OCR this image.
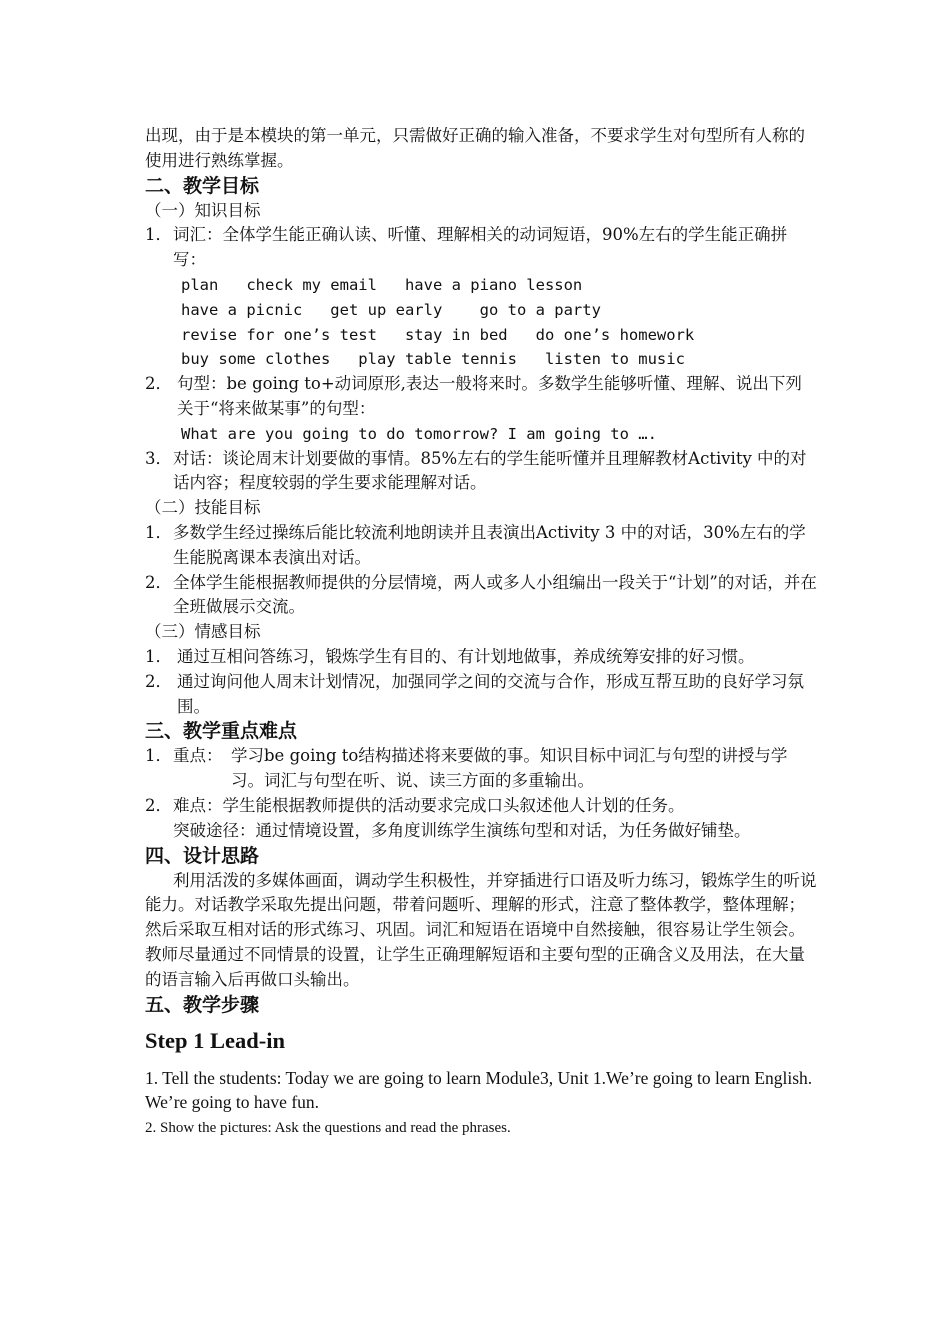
出现，由于是本模块的第一单元，只需做好正确的输入准备，不要求学生对句型所有人称的使用进行熟练掌握。

二、教学目标

（一）知识目标

1． 词汇：全体学生能正确认读、听懂、理解相关的动词短语，90%左右的学生能正确拼写：
plan   check my email   have a piano lesson
have a picnic   get up early    go to a party
revise for one’s test   stay in bed   do one’s homework
buy some clothes   play table tennis   listen to music
2． 句型：be going to+动词原形,表达一般将来时。多数学生能够听懂、理解、说出下列关于“将来做某事”的句型：
What are you going to do tomorrow? I am going to ….
3． 对话：谈论周末计划要做的事情。85%左右的学生能听懂并且理解教材Activity 中的对话内容；程度较弱的学生要求能理解对话。

（二）技能目标

1． 多数学生经过操练后能比较流利地朗读并且表演出Activity 3 中的对话，30%左右的学生能脱离课本表演出对话。
2． 全体学生能根据教师提供的分层情境，两人或多人小组编出一段关于“计划”的对话，并在全班做展示交流。

（三）情感目标

1． 通过互相问答练习，锻炼学生有目的、有计划地做事，养成统筹安排的好习惯。
2． 通过询问他人周末计划情况，加强同学之间的交流与合作，形成互帮互助的良好学习氛围。
三、教学重点难点
1． 重点： 学习be going to结构描述将来要做的事。知识目标中词汇与句型的讲授与学习。词汇与句型在听、说、读三方面的多重输出。
2． 难点：学生能根据教师提供的活动要求完成口头叙述他人计划的任务。

突破途径：通过情境设置，多角度训练学生演练句型和对话，为任务做好铺垫。

四、设计思路

利用活泼的多媒体画面，调动学生积极性，并穿插进行口语及听力练习，锻炼学生的听说能力。对话教学采取先提出问题，带着问题听、理解的形式，注意了整体教学，整体理解；然后采取互相对话的形式练习、巩固。词汇和短语在语境中自然接触，很容易让学生领会。教师尽量通过不同情景的设置，让学生正确理解短语和主要句型的正确含义及用法，在大量的语言输入后再做口头输出。

五、教学步骤
Step 1 Lead-in

1. Tell the students: Today we are going to learn Module3, Unit 1.We’re going to learn English. We’re going to have fun.

2. Show the pictures: Ask the questions and read the phrases.
